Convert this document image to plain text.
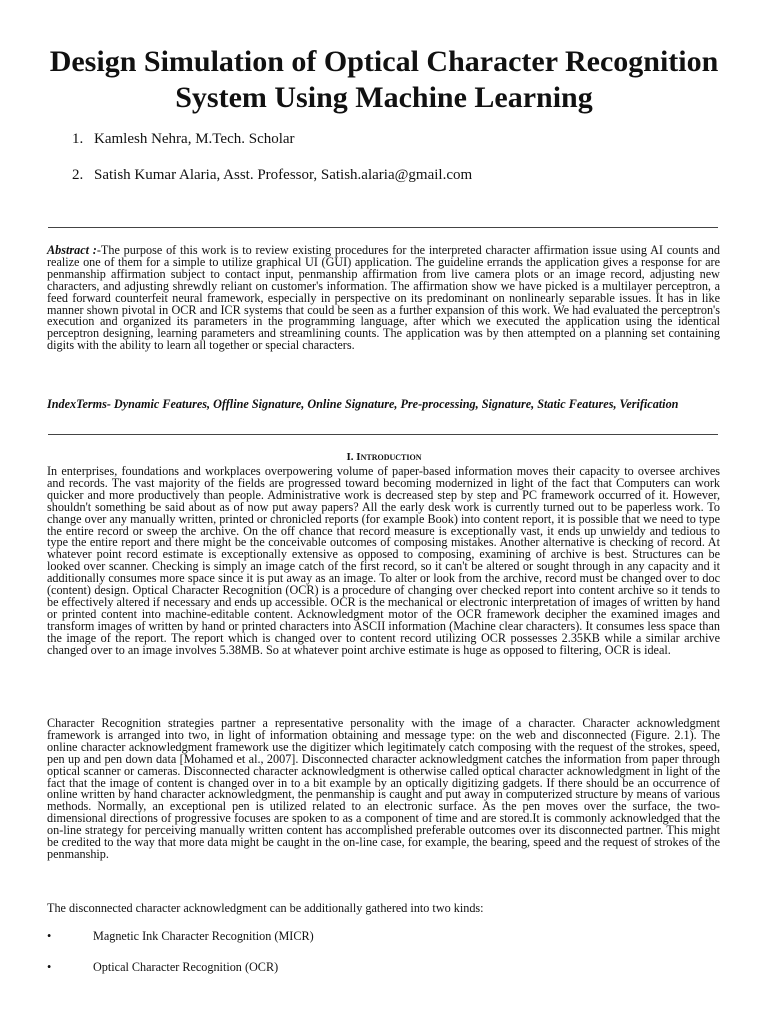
Design Simulation of Optical Character Recognition System Using Machine Learning
1. Kamlesh Nehra, M.Tech. Scholar
2. Satish Kumar Alaria, Asst. Professor, Satish.alaria@gmail.com

Abstract :-The purpose of this work is to review existing procedures for the interpreted character affirmation issue using AI counts and realize one of them for a simple to utilize graphical UI (GUI) application. The guideline errands the application gives a response for are penmanship affirmation subject to contact input, penmanship affirmation from live camera plots or an image record, adjusting new characters, and adjusting shrewdly reliant on customer's information. The affirmation show we have picked is a multilayer perceptron, a feed forward counterfeit neural framework, especially in perspective on its predominant on nonlinearly separable issues. It has in like manner shown pivotal in OCR and ICR systems that could be seen as a further expansion of this work. We had evaluated the perceptron's execution and organized its parameters in the programming language, after which we executed the application using the identical perceptron designing, learning parameters and streamlining counts. The application was by then attempted on a planning set containing digits with the ability to learn all together or special characters.

IndexTerms- Dynamic Features, Offline Signature, Online Signature, Pre-processing, Signature, Static Features, Verification

I. INTRODUCTION

In enterprises, foundations and workplaces overpowering volume of paper-based information moves their capacity to oversee archives and records. The vast majority of the fields are progressed toward becoming modernized in light of the fact that Computers can work quicker and more productively than people. Administrative work is decreased step by step and PC framework occurred of it. However, shouldn't something be said about as of now put away papers? All the early desk work is currently turned out to be paperless work. To change over any manually written, printed or chronicled reports (for example Book) into content report, it is possible that we need to type the entire record or sweep the archive. On the off chance that record measure is exceptionally vast, it ends up unwieldy and tedious to type the entire report and there might be the conceivable outcomes of composing mistakes. Another alternative is checking of record. At whatever point record estimate is exceptionally extensive as opposed to composing, examining of archive is best. Structures can be looked over scanner. Checking is simply an image catch of the first record, so it can't be altered or sought through in any capacity and it additionally consumes more space since it is put away as an image. To alter or look from the archive, record must be changed over to doc (content) design. Optical Character Recognition (OCR) is a procedure of changing over checked report into content archive so it tends to be effectively altered if necessary and ends up accessible. OCR is the mechanical or electronic interpretation of images of written by hand or printed content into machine-editable content. Acknowledgment motor of the OCR framework decipher the examined images and transform images of written by hand or printed characters into ASCII information (Machine clear characters). It consumes less space than the image of the report. The report which is changed over to content record utilizing OCR possesses 2.35KB while a similar archive changed over to an image involves 5.38MB. So at whatever point archive estimate is huge as opposed to filtering, OCR is ideal.

Character Recognition strategies partner a representative personality with the image of a character. Character acknowledgment framework is arranged into two, in light of information obtaining and message type: on the web and disconnected (Figure. 2.1). The online character acknowledgment framework use the digitizer which legitimately catch composing with the request of the strokes, speed, pen up and pen down data [Mohamed et al., 2007]. Disconnected character acknowledgment catches the information from paper through optical scanner or cameras. Disconnected character acknowledgment is otherwise called optical character acknowledgment in light of the fact that the image of content is changed over in to a bit example by an optically digitizing gadgets. If there should be an occurrence of online written by hand character acknowledgment, the penmanship is caught and put away in computerized structure by means of various methods. Normally, an exceptional pen is utilized related to an electronic surface. As the pen moves over the surface, the two-dimensional directions of progressive focuses are spoken to as a component of time and are stored.It is commonly acknowledged that the on-line strategy for perceiving manually written content has accomplished preferable outcomes over its disconnected partner. This might be credited to the way that more data might be caught in the on-line case, for example, the bearing, speed and the request of strokes of the penmanship.

The disconnected character acknowledgment can be additionally gathered into two kinds:

•	Magnetic Ink Character Recognition (MICR)
•	Optical Character Recognition (OCR)
